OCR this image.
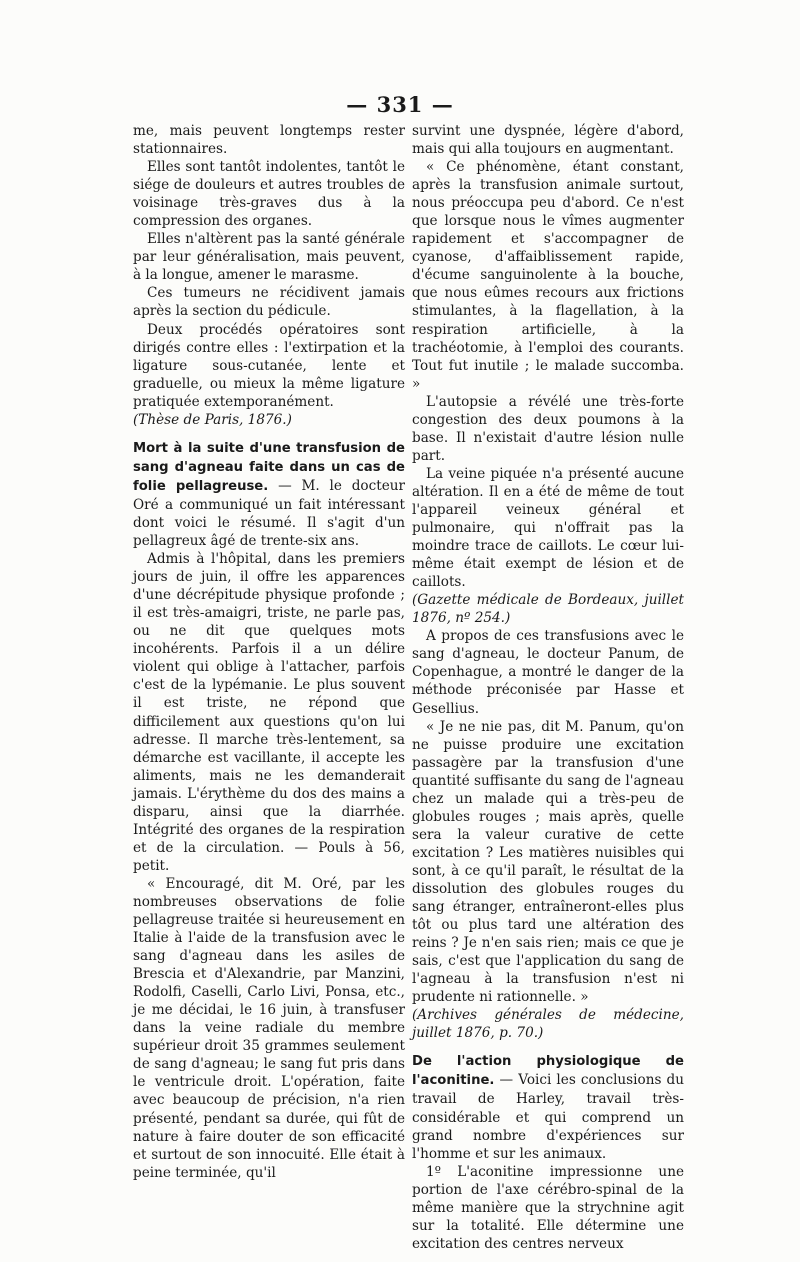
— 331 —

me, mais peuvent longtemps rester stationnaires.

Elles sont tantôt indolentes, tantôt le siége de douleurs et autres troubles de voisinage très-graves dus à la compression des organes.

Elles n'altèrent pas la santé générale par leur généralisation, mais peuvent, à la longue, amener le marasme.

Ces tumeurs ne récidivent jamais après la section du pédicule.

Deux procédés opératoires sont dirigés contre elles : l'extirpation et la ligature sous-cutanée, lente et graduelle, ou mieux la même ligature pratiquée extemporanément.

(Thèse de Paris, 1876.)

Mort à la suite d'une transfusion de sang d'agneau faite dans un cas de folie pellagreuse. — M. le docteur Oré a communiqué un fait intéressant dont voici le résumé. Il s'agit d'un pellagreux âgé de trente-six ans.

Admis à l'hôpital, dans les premiers jours de juin, il offre les apparences d'une décrépitude physique profonde ; il est très-amaigri, triste, ne parle pas, ou ne dit que quelques mots incohérents. Parfois il a un délire violent qui oblige à l'attacher, parfois c'est de la lypémanie. Le plus souvent il est triste, ne répond que difficilement aux questions qu'on lui adresse. Il marche très-lentement, sa démarche est vacillante, il accepte les aliments, mais ne les demanderait jamais. L'érythème du dos des mains a disparu, ainsi que la diarrhée. Intégrité des organes de la respiration et de la circulation. — Pouls à 56, petit.

« Encouragé, dit M. Oré, par les nombreuses observations de folie pellagreuse traitée si heureusement en Italie à l'aide de la transfusion avec le sang d'agneau dans les asiles de Brescia et d'Alexandrie, par Manzini, Rodolfi, Caselli, Carlo Livi, Ponsa, etc., je me décidai, le 16 juin, à transfuser dans la veine radiale du membre supérieur droit 35 grammes seulement de sang d'agneau; le sang fut pris dans le ventricule droit. L'opération, faite avec beaucoup de précision, n'a rien présenté, pendant sa durée, qui fût de nature à faire douter de son efficacité et surtout de son innocuité. Elle était à peine terminée, qu'il

survint une dyspnée, légère d'abord, mais qui alla toujours en augmentant.

« Ce phénomène, étant constant, après la transfusion animale surtout, nous préoccupa peu d'abord. Ce n'est que lorsque nous le vîmes augmenter rapidement et s'accompagner de cyanose, d'affaiblissement rapide, d'écume sanguinolente à la bouche, que nous eûmes recours aux frictions stimulantes, à la flagellation, à la respiration artificielle, à la trachéotomie, à l'emploi des courants. Tout fut inutile ; le malade succomba. »

L'autopsie a révélé une très-forte congestion des deux poumons à la base. Il n'existait d'autre lésion nulle part.

La veine piquée n'a présenté aucune altération. Il en a été de même de tout l'appareil veineux général et pulmonaire, qui n'offrait pas la moindre trace de caillots. Le cœur lui-même était exempt de lésion et de caillots.

(Gazette médicale de Bordeaux, juillet 1876, nº 254.)

A propos de ces transfusions avec le sang d'agneau, le docteur Panum, de Copenhague, a montré le danger de la méthode préconisée par Hasse et Gesellius.

« Je ne nie pas, dit M. Panum, qu'on ne puisse produire une excitation passagère par la transfusion d'une quantité suffisante du sang de l'agneau chez un malade qui a très-peu de globules rouges ; mais après, quelle sera la valeur curative de cette excitation ? Les matières nuisibles qui sont, à ce qu'il paraît, le résultat de la dissolution des globules rouges du sang étranger, entraîneront-elles plus tôt ou plus tard une altération des reins ? Je n'en sais rien; mais ce que je sais, c'est que l'application du sang de l'agneau à la transfusion n'est ni prudente ni rationnelle. »

(Archives générales de médecine, juillet 1876, p. 70.)

De l'action physiologique de l'aconitine. — Voici les conclusions du travail de Harley, travail très-considérable et qui comprend un grand nombre d'expériences sur l'homme et sur les animaux.

1º L'aconitine impressionne une portion de l'axe cérébro-spinal de la même manière que la strychnine agit sur la totalité. Elle détermine une excitation des centres nerveux
